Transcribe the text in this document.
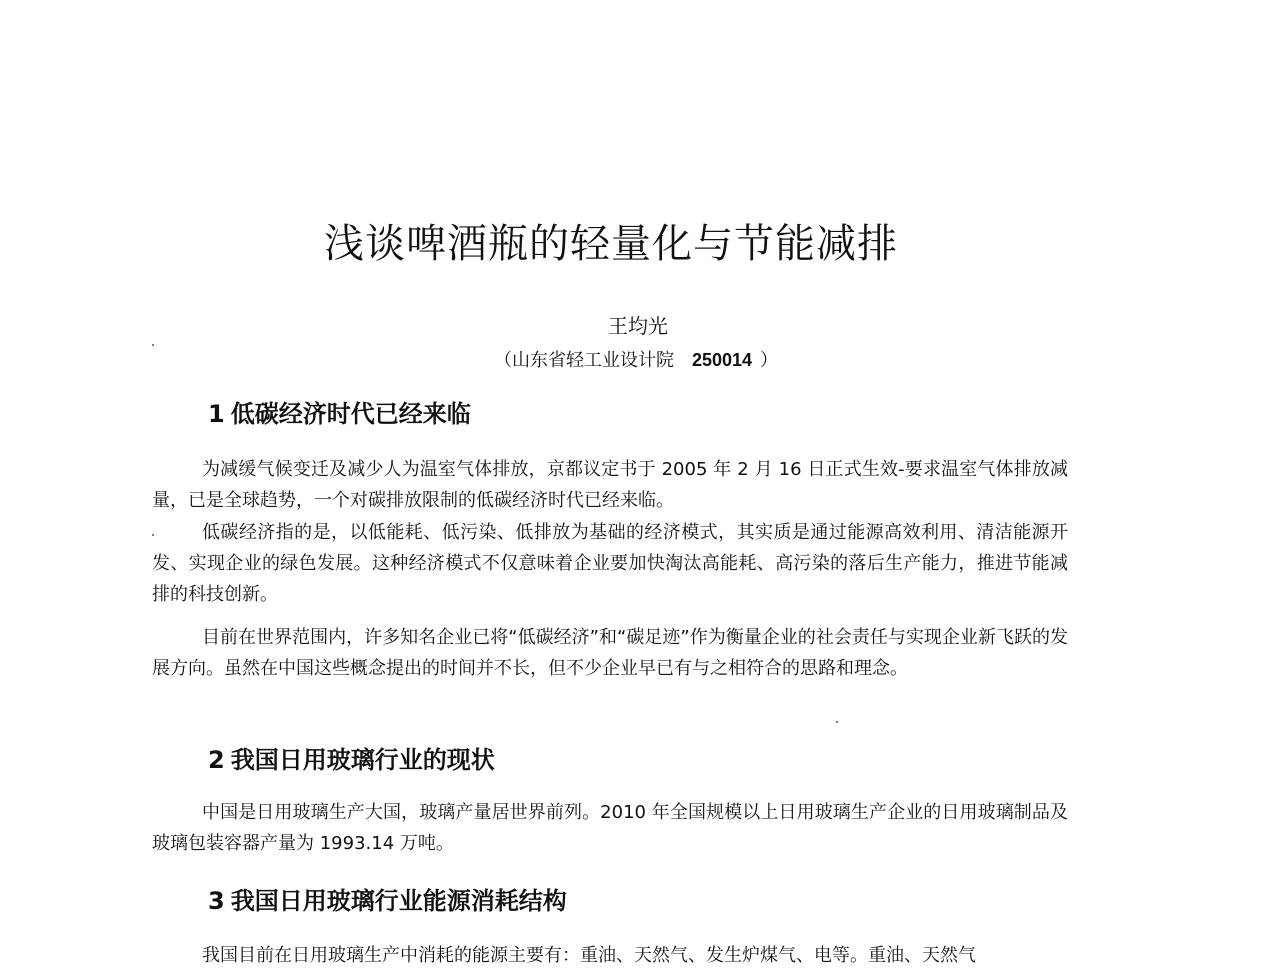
浅谈啤酒瓶的轻量化与节能减排
王均光
（山东省轻工业设计院 250014 ）
1 低碳经济时代已经来临

为减缓气候变迁及减少人为温室气体排放，京都议定书于 2005 年 2 月 16 日正式生效-要求温室气体排放减量，已是全球趋势，一个对碳排放限制的低碳经济时代已经来临。

低碳经济指的是，以低能耗、低污染、低排放为基础的经济模式，其实质是通过能源高效利用、清洁能源开发、实现企业的绿色发展。这种经济模式不仅意味着企业要加快淘汰高能耗、高污染的落后生产能力，推进节能减排的科技创新。

目前在世界范围内，许多知名企业已将“低碳经济”和“碳足迹”作为衡量企业的社会责任与实现企业新飞跃的发展方向。虽然在中国这些概念提出的时间并不长，但不少企业早已有与之相符合的思路和理念。

2 我国日用玻璃行业的现状

中国是日用玻璃生产大国，玻璃产量居世界前列。2010 年全国规模以上日用玻璃生产企业的日用玻璃制品及玻璃包装容器产量为 1993.14 万吨。

3 我国日用玻璃行业能源消耗结构

我国目前在日用玻璃生产中消耗的能源主要有：重油、天然气、发生炉煤气、电等。重油、天然气
